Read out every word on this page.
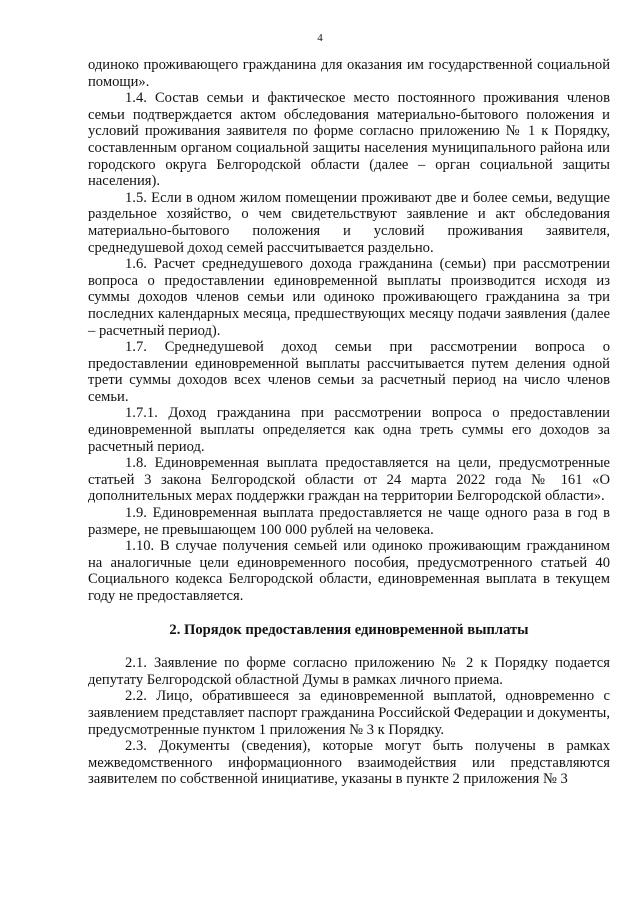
4

одиноко проживающего гражданина для оказания им государственной социальной помощи».

1.4. Состав семьи и фактическое место постоянного проживания членов семьи подтверждается актом обследования материально-бытового положения и условий проживания заявителя по форме согласно приложению № 1 к Порядку, составленным органом социальной защиты населения муниципального района или городского округа Белгородской области (далее – орган социальной защиты населения).

1.5. Если в одном жилом помещении проживают две и более семьи, ведущие раздельное хозяйство, о чем свидетельствуют заявление и акт обследования материально-бытового положения и условий проживания заявителя, среднедушевой доход семей рассчитывается раздельно.

1.6. Расчет среднедушевого дохода гражданина (семьи) при рассмотрении вопроса о предоставлении единовременной выплаты производится исходя из суммы доходов членов семьи или одиноко проживающего гражданина за три последних календарных месяца, предшествующих месяцу подачи заявления (далее – расчетный период).

1.7. Среднедушевой доход семьи при рассмотрении вопроса о предоставлении единовременной выплаты рассчитывается путем деления одной трети суммы доходов всех членов семьи за расчетный период на число членов семьи.

1.7.1. Доход гражданина при рассмотрении вопроса о предоставлении единовременной выплаты определяется как одна треть суммы его доходов за расчетный период.

1.8. Единовременная выплата предоставляется на цели, предусмотренные статьей 3 закона Белгородской области от 24 марта 2022 года № 161 «О дополнительных мерах поддержки граждан на территории Белгородской области».

1.9. Единовременная выплата предоставляется не чаще одного раза в год в размере, не превышающем 100 000 рублей на человека.

1.10. В случае получения семьей или одиноко проживающим гражданином на аналогичные цели единовременного пособия, предусмотренного статьей 40 Социального кодекса Белгородской области, единовременная выплата в текущем году не предоставляется.

2. Порядок предоставления единовременной выплаты

2.1. Заявление по форме согласно приложению № 2 к Порядку подается депутату Белгородской областной Думы в рамках личного приема.

2.2. Лицо, обратившееся за единовременной выплатой, одновременно с заявлением представляет паспорт гражданина Российской Федерации и документы, предусмотренные пунктом 1 приложения № 3 к Порядку.

2.3. Документы (сведения), которые могут быть получены в рамках межведомственного информационного взаимодействия или представляются заявителем по собственной инициативе, указаны в пункте 2 приложения № 3
